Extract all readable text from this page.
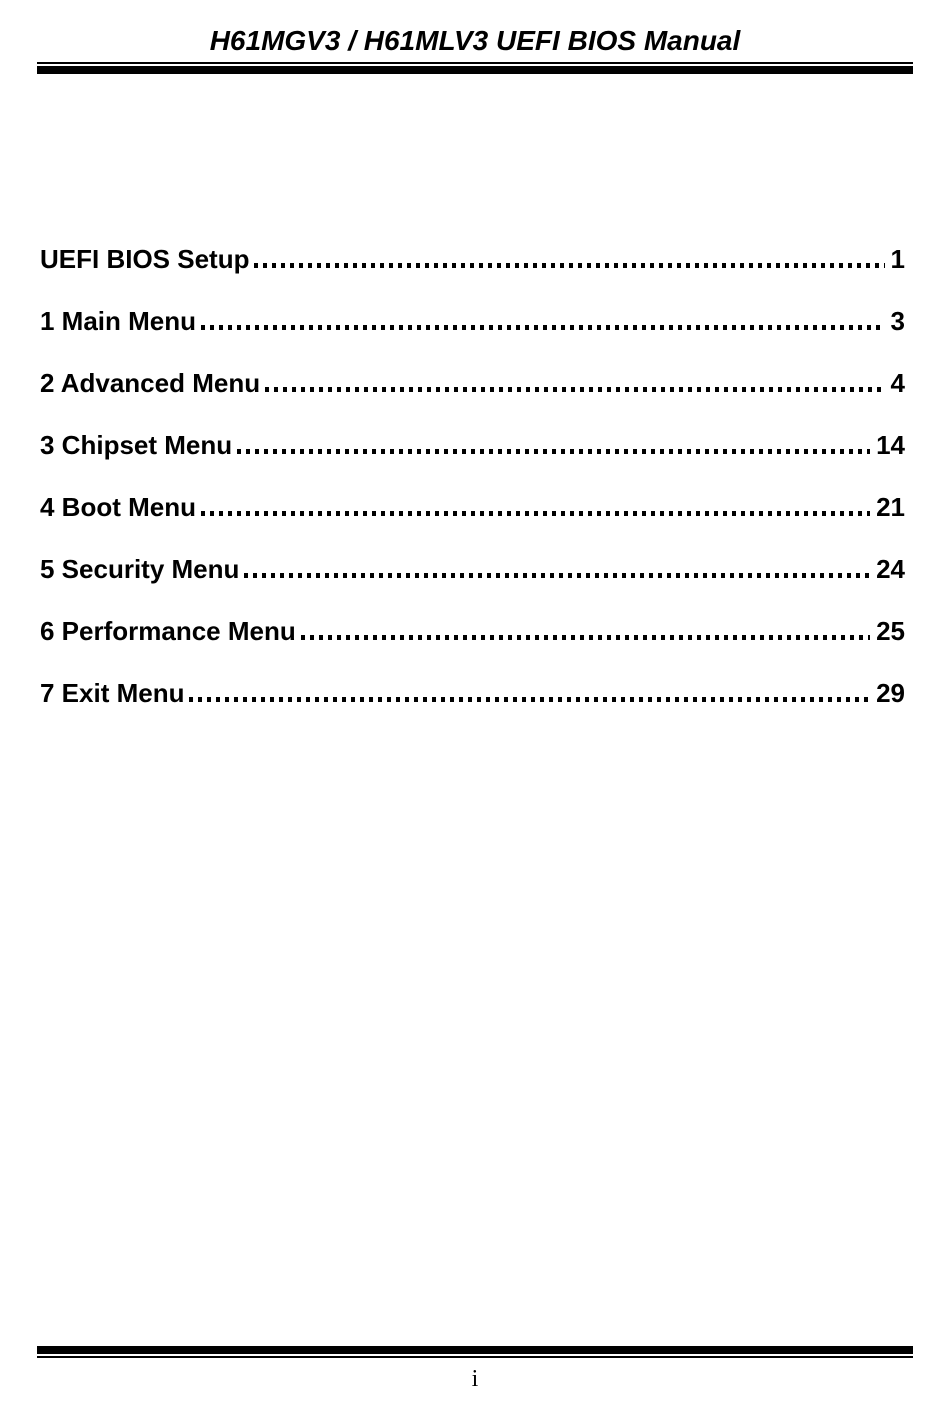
H61MGV3 / H61MLV3 UEFI BIOS Manual
UEFI BIOS Setup	1
1 Main Menu	3
2 Advanced Menu	4
3 Chipset Menu	14
4 Boot Menu	21
5 Security Menu	24
6 Performance Menu	25
7 Exit Menu	29
i
